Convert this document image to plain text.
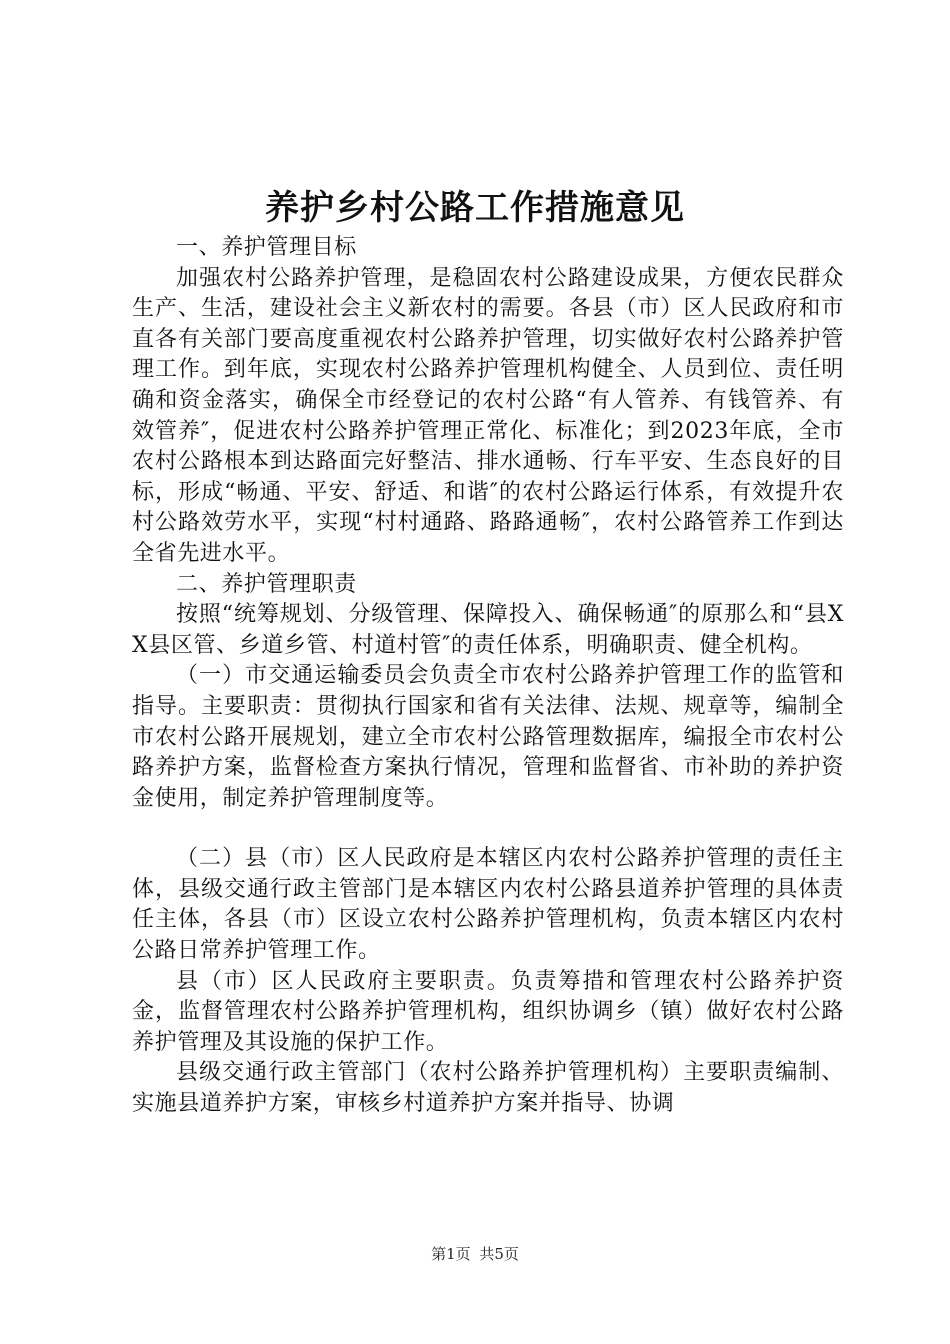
养护乡村公路工作措施意见

一、养护管理目标

加强农村公路养护管理，是稳固农村公路建设成果，方便农民群众生产、生活，建设社会主义新农村的需要。各县（市）区人民政府和市直各有关部门要高度重视农村公路养护管理，切实做好农村公路养护管理工作。到年底，实现农村公路养护管理机构健全、人员到位、责任明确和资金落实，确保全市经登记的农村公路“有人管养、有钱管养、有效管养″，促进农村公路养护管理正常化、标准化；到2023年底，全市农村公路根本到达路面完好整洁、排水通畅、行车平安、生态良好的目标，形成“畅通、平安、舒适、和谐″的农村公路运行体系，有效提升农村公路效劳水平，实现“村村通路、路路通畅″，农村公路管养工作到达全省先进水平。

二、养护管理职责

按照“统筹规划、分级管理、保障投入、确保畅通″的原那么和“县XX县区管、乡道乡管、村道村管″的责任体系，明确职责、健全机构。

（一）市交通运输委员会负责全市农村公路养护管理工作的监管和指导。主要职责：贯彻执行国家和省有关法律、法规、规章等，编制全市农村公路开展规划，建立全市农村公路管理数据库，编报全市农村公路养护方案，监督检查方案执行情况，管理和监督省、市补助的养护资金使用，制定养护管理制度等。

（二）县（市）区人民政府是本辖区内农村公路养护管理的责任主体，县级交通行政主管部门是本辖区内农村公路县道养护管理的具体责任主体，各县（市）区设立农村公路养护管理机构，负责本辖区内农村公路日常养护管理工作。

县（市）区人民政府主要职责。负责筹措和管理农村公路养护资金，监督管理农村公路养护管理机构，组织协调乡（镇）做好农村公路养护管理及其设施的保护工作。

县级交通行政主管部门（农村公路养护管理机构）主要职责编制、实施县道养护方案，审核乡村道养护方案并指导、协调

第1页 共5页
